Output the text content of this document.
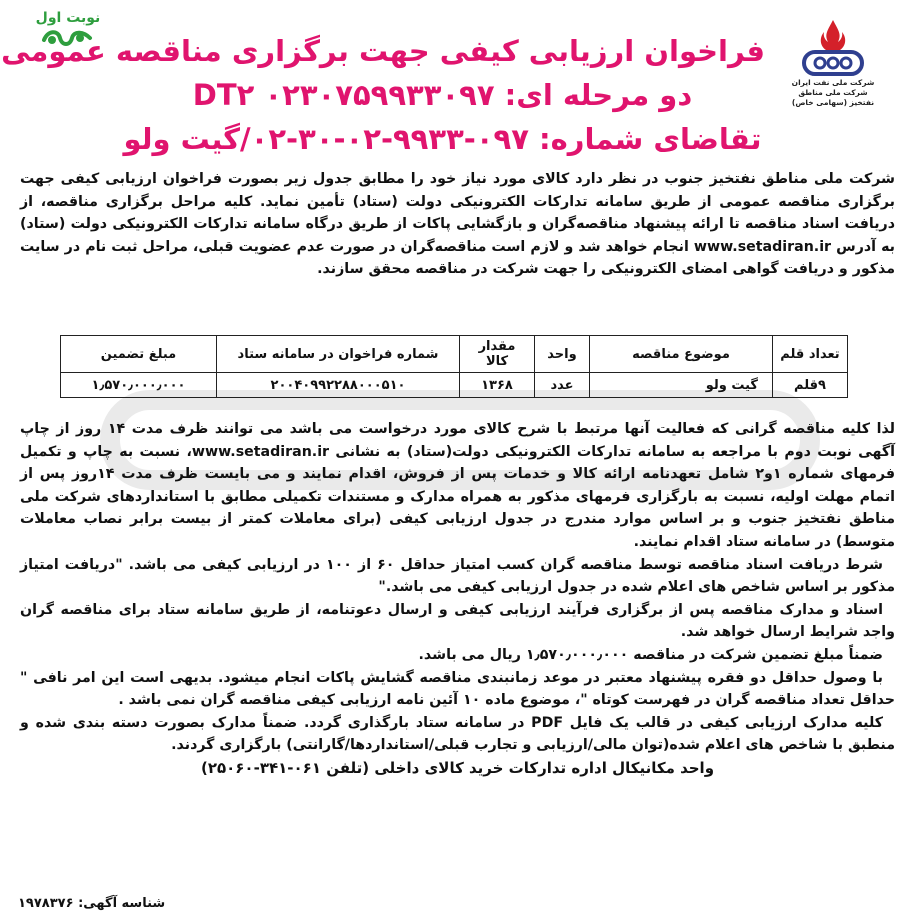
شرکت ملی نفت ایران
شرکت ملی مناطق
نفتخیز (سهامی خاص)
نوبت اول
فراخوان ارزیابی کیفی جهت برگزاری مناقصه عمومی
دو مرحله ای: DT۲ ۰۲۳۰۷۵۹۹۳۳۰۹۷
تقاضای شماره: ۰۹۷-۹۹۳۳-۰۲-۳۰-۰۲/گیت ولو
شرکت ملی مناطق نفتخیز جنوب در نظر دارد کالای مورد نیاز خود را مطابق جدول زیر بصورت فراخوان ارزیابی کیفی جهت برگزاری مناقصه عمومی از طریق سامانه تدارکات الکترونیکی دولت (ستاد) تأمین نماید. کلیه مراحل برگزاری مناقصه، از دریافت اسناد مناقصه تا ارائه پیشنهاد مناقصه‌گران و بازگشایی پاکات از طریق درگاه سامانه تدارکات الکترونیکی دولت (ستاد) به آدرس www.setadiran.ir انجام خواهد شد و لازم است مناقصه‌گران در صورت عدم عضویت قبلی، مراحل ثبت نام در سایت مذکور و دریافت گواهی امضای الکترونیکی را جهت شرکت در مناقصه محقق سازند.
تعداد قلم	موضوع مناقصه	واحد	مقدار کالا	شماره فراخوان در سامانه ستاد	مبلغ تضمین
۹قلم	گیت ولو	عدد	۱۳۶۸	۲۰۰۴۰۹۹۲۲۸۸۰۰۰۵۱۰	۱٫۵۷۰٫۰۰۰٫۰۰۰

لذا کلیه مناقصه گرانی که فعالیت آنها مرتبط با شرح کالای مورد درخواست می باشد می توانند ظرف مدت ۱۴ روز از چاپ آگهی نوبت دوم با مراجعه به سامانه تدارکات الکترونیکی دولت(ستاد) به نشانی www.setadiran.ir، نسبت به چاپ و تکمیل فرمهای شماره ۱و۲ شامل تعهدنامه ارائه کالا و خدمات پس از فروش، اقدام نمایند و می بایست ظرف مدت ۱۴روز پس از اتمام مهلت اولیه، نسبت به بارگزاری فرمهای مذکور به همراه مدارک و مستندات تکمیلی مطابق با استانداردهای شرکت ملی مناطق نفتخیز جنوب و بر اساس موارد مندرج در جدول ارزیابی کیفی (برای معاملات کمتر از بیست برابر نصاب معاملات متوسط) در سامانه ستاد اقدام نمایند.

شرط دریافت اسناد مناقصه توسط مناقصه گران کسب امتیاز حداقل ۶۰ از ۱۰۰ در ارزیابی کیفی می باشد. "دریافت امتیاز مذکور بر اساس شاخص های اعلام شده در جدول ارزیابی کیفی می باشد."

اسناد و مدارک مناقصه پس از برگزاری فرآیند ارزیابی کیفی و ارسال دعوتنامه، از طریق سامانه ستاد برای مناقصه گران واجد شرایط ارسال خواهد شد.

ضمناً مبلغ تضمین شرکت در مناقصه ۱٫۵۷۰٫۰۰۰٫۰۰۰ ریال می باشد.

با وصول حداقل دو فقره پیشنهاد معتبر در موعد زمانبندی مناقصه گشایش پاکات انجام میشود. بدیهی است این امر نافی " حداقل تعداد مناقصه گران در فهرست کوتاه "، موضوع ماده ۱۰ آئین نامه ارزیابی کیفی مناقصه گران نمی باشد .

کلیه مدارک ارزیابی کیفی در قالب یک فایل PDF در سامانه ستاد بارگذاری گردد. ضمناً مدارک بصورت دسته بندی شده و منطبق با شاخص های اعلام شده(توان مالی/ارزیابی و تجارب قبلی/استانداردها/گارانتی) بارگزاری گردند.

واحد مکانیکال اداره تدارکات خرید کالای داخلی (تلفن ۰۶۱-۳۴۱-۲۵۰۶۰)

شناسه آگهی: ۱۹۷۸۳۷۶
